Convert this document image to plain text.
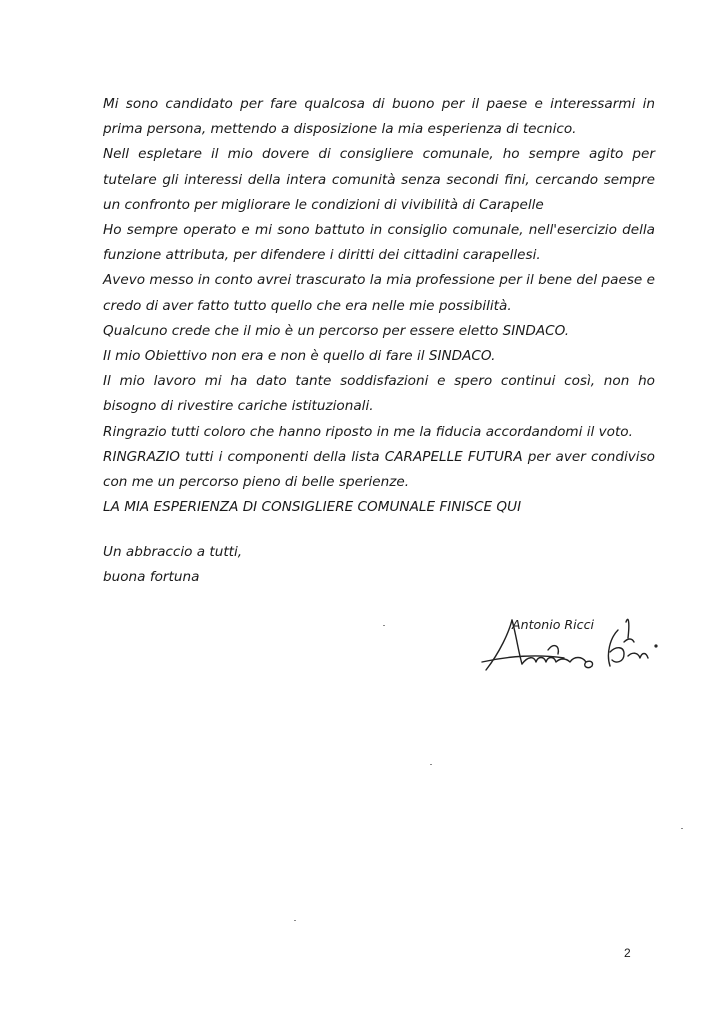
Mi sono candidato per fare qualcosa di buono per il paese e interessarmi in prima persona, mettendo a disposizione la mia esperienza di tecnico.

Nell espletare il mio dovere di consigliere comunale, ho sempre agito per tutelare gli interessi della intera comunità senza secondi fini, cercando sempre un confronto per migliorare le condizioni di vivibilità di Carapelle

Ho sempre operato e mi sono battuto in consiglio comunale, nell'esercizio della funzione attributa, per difendere i diritti dei cittadini carapellesi.

Avevo messo in conto avrei trascurato la mia professione per il bene del paese e credo di aver fatto tutto quello che era nelle mie possibilità.

Qualcuno crede che il mio è un percorso per essere eletto SINDACO.

Il mio Obiettivo non era e non è quello di fare il SINDACO.

Il mio lavoro mi ha dato tante soddisfazioni e spero continui così, non ho bisogno di rivestire cariche istituzionali.

Ringrazio tutti coloro che hanno riposto in me la fiducia accordandomi il voto.

RINGRAZIO tutti i componenti della lista CARAPELLE FUTURA per aver condiviso con me un percorso pieno di belle sperienze.

LA MIA ESPERIENZA DI CONSIGLIERE COMUNALE FINISCE QUI

Un abbraccio a tutti,

buona fortuna

Antonio Ricci
2
